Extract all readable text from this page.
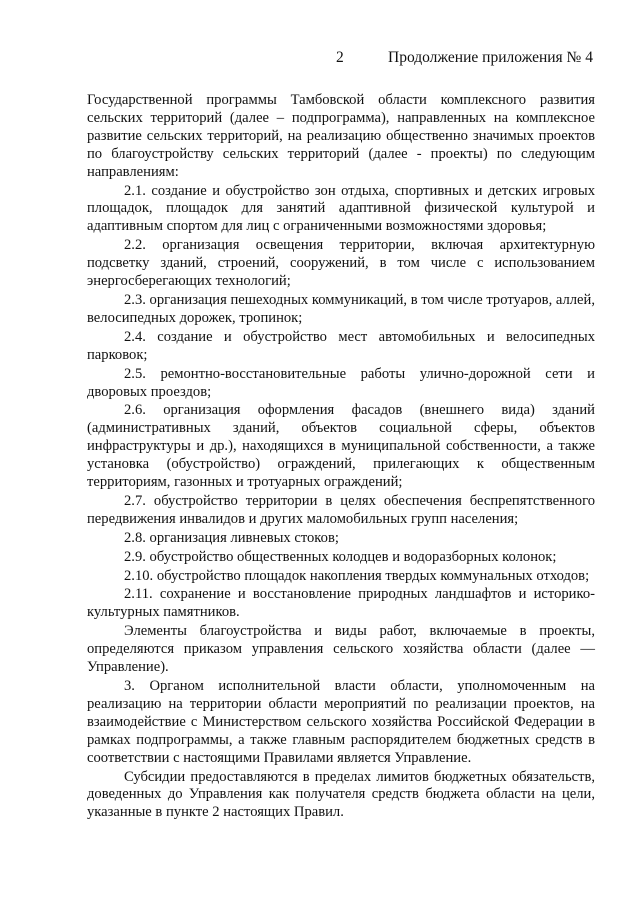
2	Продолжение приложения № 4

Государственной программы Тамбовской области комплексного развития сельских территорий (далее – подпрограмма), направленных на комплексное развитие сельских территорий, на реализацию общественно значимых проектов по благоустройству сельских территорий (далее - проекты) по следующим направлениям:

2.1. создание и обустройство зон отдыха, спортивных и детских игровых площадок, площадок для занятий адаптивной физической культурой и адаптивным спортом для лиц с ограниченными возможностями здоровья;

2.2. организация освещения территории, включая архитектурную подсветку зданий, строений, сооружений, в том числе с использованием энергосберегающих технологий;

2.3. организация пешеходных коммуникаций, в том числе тротуаров, аллей, велосипедных дорожек, тропинок;

2.4. создание и обустройство мест автомобильных и велосипедных парковок;

2.5. ремонтно-восстановительные работы улично-дорожной сети и дворовых проездов;

2.6. организация оформления фасадов (внешнего вида) зданий (административных зданий, объектов социальной сферы, объектов инфраструктуры и др.), находящихся в муниципальной собственности, а также установка (обустройство) ограждений, прилегающих к общественным территориям, газонных и тротуарных ограждений;

2.7. обустройство территории в целях обеспечения беспрепятственного передвижения инвалидов и других маломобильных групп населения;

2.8. организация ливневых стоков;

2.9. обустройство общественных колодцев и водоразборных колонок;

2.10. обустройство площадок накопления твердых коммунальных отходов;

2.11. сохранение и восстановление природных ландшафтов и историко-культурных памятников.

Элементы благоустройства и виды работ, включаемые в проекты, определяются приказом управления сельского хозяйства области (далее — Управление).

3. Органом исполнительной власти области, уполномоченным на реализацию на территории области мероприятий по реализации проектов, на взаимодействие с Министерством сельского хозяйства Российской Федерации в рамках подпрограммы, а также главным распорядителем бюджетных средств в соответствии с настоящими Правилами является Управление.

Субсидии предоставляются в пределах лимитов бюджетных обязательств, доведенных до Управления как получателя средств бюджета области на цели, указанные в пункте 2 настоящих Правил.
